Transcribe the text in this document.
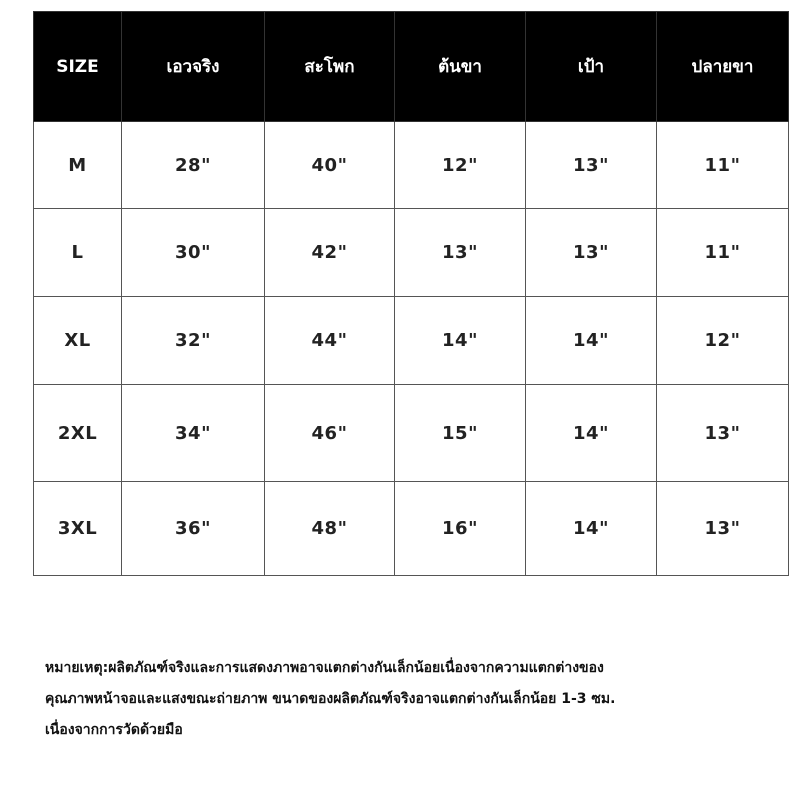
SIZE	เอวจริง	สะโพก	ต้นขา	เป้า	ปลายขา
M	28"	40"	12"	13"	11"
L	30"	42"	13"	13"	11"
XL	32"	44"	14"	14"	12"
2XL	34"	46"	15"	14"	13"
3XL	36"	48"	16"	14"	13"

หมายเหตุ:ผลิตภัณฑ์จริงและการแสดงภาพอาจแตกต่างกันเล็กน้อยเนื่องจากความแตกต่างของ

คุณภาพหน้าจอและแสงขณะถ่ายภาพ ขนาดของผลิตภัณฑ์จริงอาจแตกต่างกันเล็กน้อย 1-3 ซม.

เนื่องจากการวัดด้วยมือ
